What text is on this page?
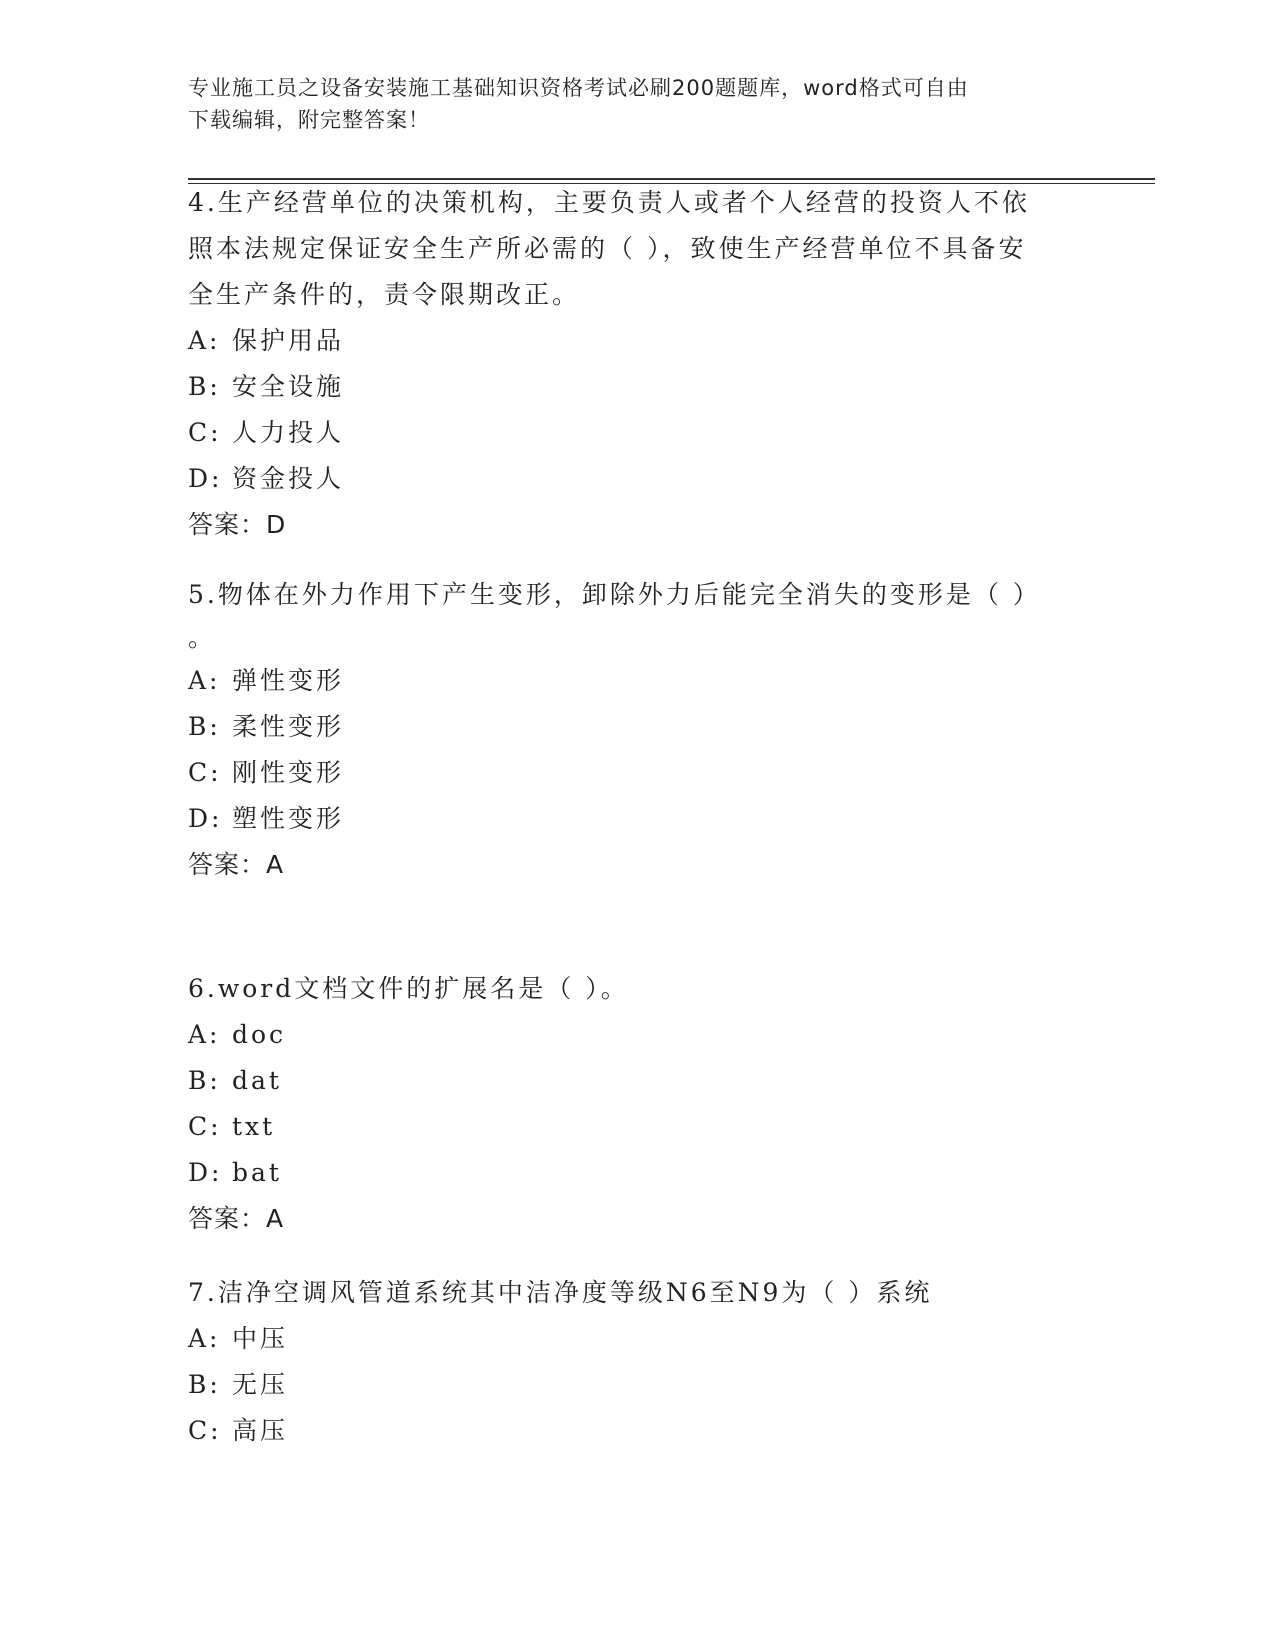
专业施工员之设备安装施工基础知识资格考试必刷200题题库，word格式可自由
下载编辑，附完整答案！
4.生产经营单位的决策机构，主要负责人或者个人经营的投资人不依
照本法规定保证安全生产所必需的（ ），致使生产经营单位不具备安
全生产条件的，责令限期改正。
A: 保护用品
B: 安全设施
C: 人力投人
D: 资金投人
答案：D
5.物体在外力作用下产生变形，卸除外力后能完全消失的变形是（ ）
。
A: 弹性变形
B: 柔性变形
C: 刚性变形
D: 塑性变形
答案：A
6.word文档文件的扩展名是（ ）。
A: doc
B: dat
C: txt
D: bat
答案：A
7.洁净空调风管道系统其中洁净度等级N6至N9为（ ）系统
A: 中压
B: 无压
C: 高压
